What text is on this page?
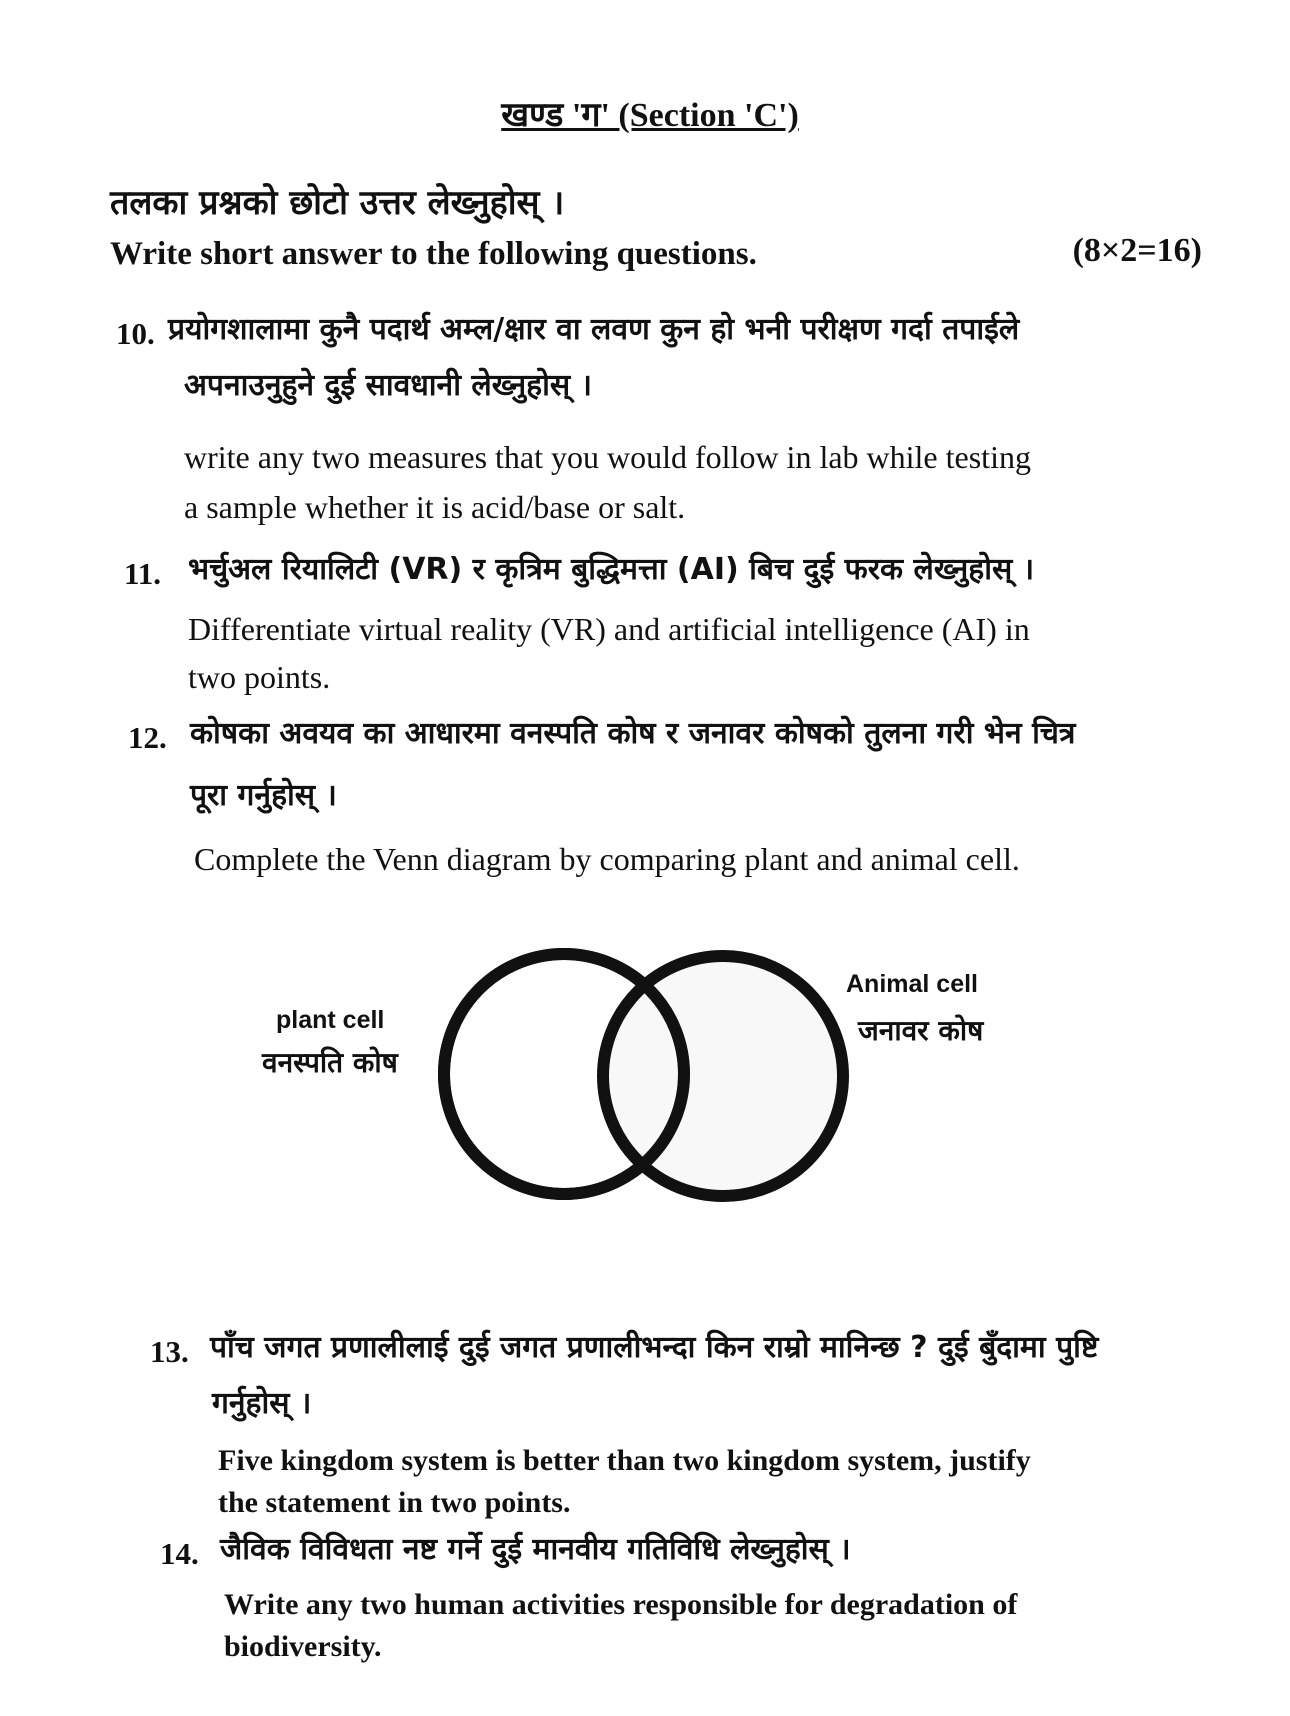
खण्ड 'ग' (Section 'C')
तलका प्रश्नको छोटो उत्तर लेख्नुहोस् ।
Write short answer to the following questions.	(8×2=16)
10. प्रयोगशालामा कुनै पदार्थ अम्ल/क्षार वा लवण कुन हो भनी परीक्षण गर्दा तपाईले
अपनाउनुहुने दुई सावधानी लेख्नुहोस् ।
write any two measures that you would follow in lab while testing
a sample whether it is acid/base or salt.
11. भर्चुअल रियालिटी (VR) र कृत्रिम बुद्धिमत्ता (AI) बिच दुई फरक लेख्नुहोस् ।
Differentiate virtual reality (VR) and artificial intelligence (AI) in
two points.
12. कोषका अवयव का आधारमा वनस्पति कोष र जनावर कोषको तुलना गरी भेन चित्र
पूरा गर्नुहोस् ।
Complete the Venn diagram by comparing plant and animal cell.
plant cell
वनस्पति कोष
Animal cell
जनावर कोष
13. पाँच जगत प्रणालीलाई दुई जगत प्रणालीभन्दा किन राम्रो मानिन्छ ? दुई बुँदामा पुष्टि
गर्नुहोस् ।
Five kingdom system is better than two kingdom system, justify
the statement in two points.
14. जैविक विविधता नष्ट गर्ने दुई मानवीय गतिविधि लेख्नुहोस् ।
Write any two human activities responsible for degradation of
biodiversity.
